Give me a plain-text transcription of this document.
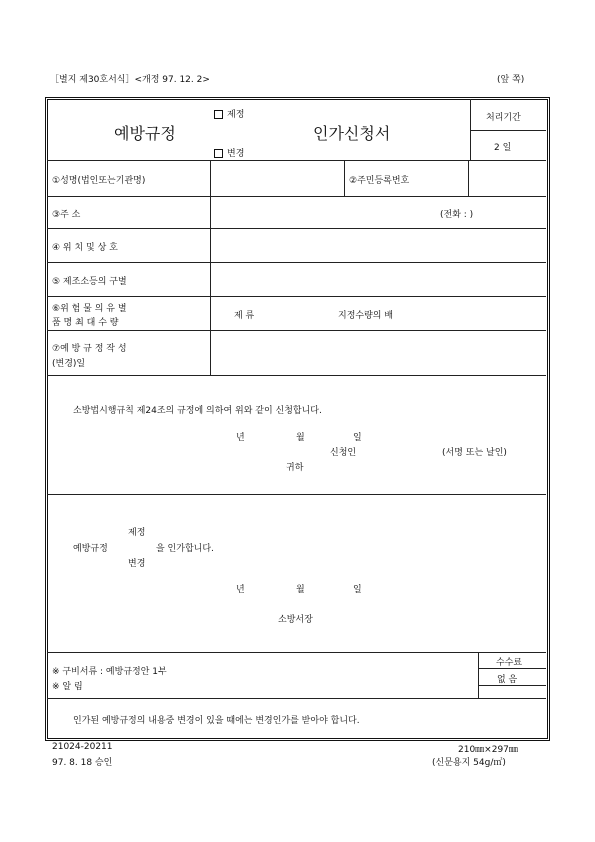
［별지 제30호서식］<개정 97. 12. 2>	(앞 쪽)
예방규정
제정
변경
인가신청서
처리기간
2 일
①성명(법인또는기관명)	②주민등록번호
③주 소	(전화 : )
④ 위 치 및 상 호
⑤ 제조소등의 구별
⑥위 험 물 의 유 별
품 명 최 대 수 량
제 류	지정수량의 배
⑦예 방 규 정 작 성
(변경)일
소방법시행규칙 제24조의 규정에 의하여 위와 같이 신청합니다.
년	월	일
신청인	(서명 또는 날인)
귀하
제정
예방규정
변경
을 인가합니다.
년	월	일
소방서장
※ 구비서류 : 예방규정안 1부
※ 알 림
수수료
없 음
인가된 예방규정의 내용중 변경이 있을 때에는 변경인가를 받아야 합니다.
21024-20211
97. 8. 18 승인
210㎜×297㎜
(신문용지 54g/㎡)
